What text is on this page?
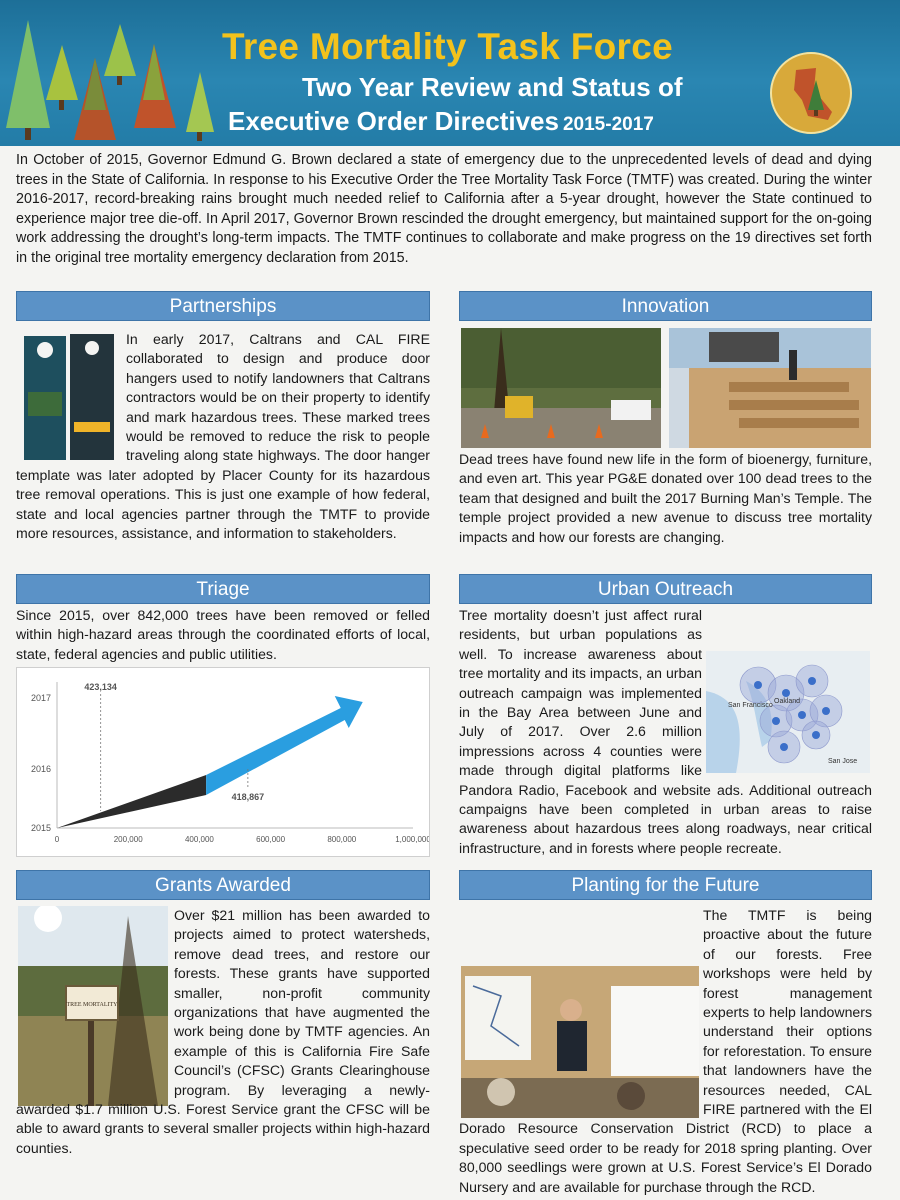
Tree Mortality Task Force
Two Year Review and Status of
Executive Order Directives 2015-2017
In October of 2015, Governor Edmund G. Brown declared a state of emergency due to the unprecedented levels of dead and dying trees in the State of California. In response to his Executive Order the Tree Mortality Task Force (TMTF) was created. During the winter 2016-2017, record-breaking rains brought much needed relief to California after a 5-year drought, however the State continued to experience major tree die-off. In April 2017, Governor Brown rescinded the drought emergency, but maintained support for the on-going work addressing the drought’s long-term impacts. The TMTF continues to collaborate and make progress on the 19 directives set forth in the original tree mortality emergency declaration from 2015.
Partnerships
In early 2017, Caltrans and CAL FIRE collaborated to design and produce door hangers used to notify landowners that Caltrans contractors would be on their property to identify and mark hazardous trees. These marked trees would be removed to reduce the risk to people traveling along state highways. The door hanger template was later adopted by Placer County for its hazardous tree removal operations. This is just one example of how federal, state and local agencies partner through the TMTF to provide more resources, assistance, and information to stakeholders.
Innovation
Dead trees have found new life in the form of bioenergy, furniture, and even art. This year PG&E donated over 100 dead trees to the team that designed and built the 2017 Burning Man’s Temple. The temple project provided a new avenue to discuss tree mortality impacts and how our forests are changing.
Triage
Since 2015, over 842,000 trees have been removed or felled within high-hazard areas through the coordinated efforts of local, state, federal agencies and public utilities.
2015
2016
2017
0	200,000	400,000	600,000	800,000	1,000,000
423,134
418,867
Urban Outreach
San Francisco
Oakland
San Jose
Tree mortality doesn’t just affect rural residents, but urban populations as well. To increase awareness about tree mortality and its impacts, an urban outreach campaign was implemented in the Bay Area between June and July of 2017. Over 2.6 million impressions across 4 counties were made through digital platforms like Pandora Radio, Facebook and website ads. Additional outreach campaigns have been completed in urban areas to raise awareness about hazardous trees along roadways, near critical infrastructure, and in forests where people recreate.
Grants Awarded
TREE MORTALITY
Over $21 million has been awarded to projects aimed to protect watersheds, remove dead trees, and restore our forests. These grants have supported smaller, non-profit community organizations that have augmented the work being done by TMTF agencies. An example of this is California Fire Safe Council’s (CFSC) Grants Clearinghouse program. By leveraging a newly-awarded $1.7 million U.S. Forest Service grant the CFSC will be able to award grants to several smaller projects within high-hazard counties.
Planting for the Future
The TMTF is being proactive about the future of our forests. Free workshops were held by forest management experts to help landowners understand their options for reforestation. To ensure that landowners have the resources needed, CAL FIRE partnered with the El Dorado Resource Conservation District (RCD) to place a speculative seed order to be ready for 2018 spring planting. Over 80,000 seedlings were grown at U.S. Forest Service’s El Dorado Nursery and are available for purchase through the RCD.
